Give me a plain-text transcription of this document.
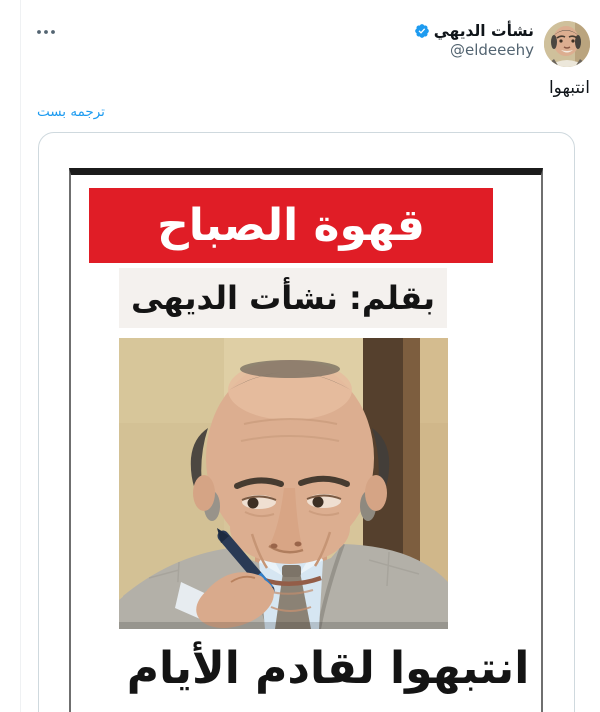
نشأت الديهي
@eldeeehy
انتبهوا
ترجمه بست
قهوة الصباح
بقلم: نشأت الديهى
انتبهوا لقادم الأيام
